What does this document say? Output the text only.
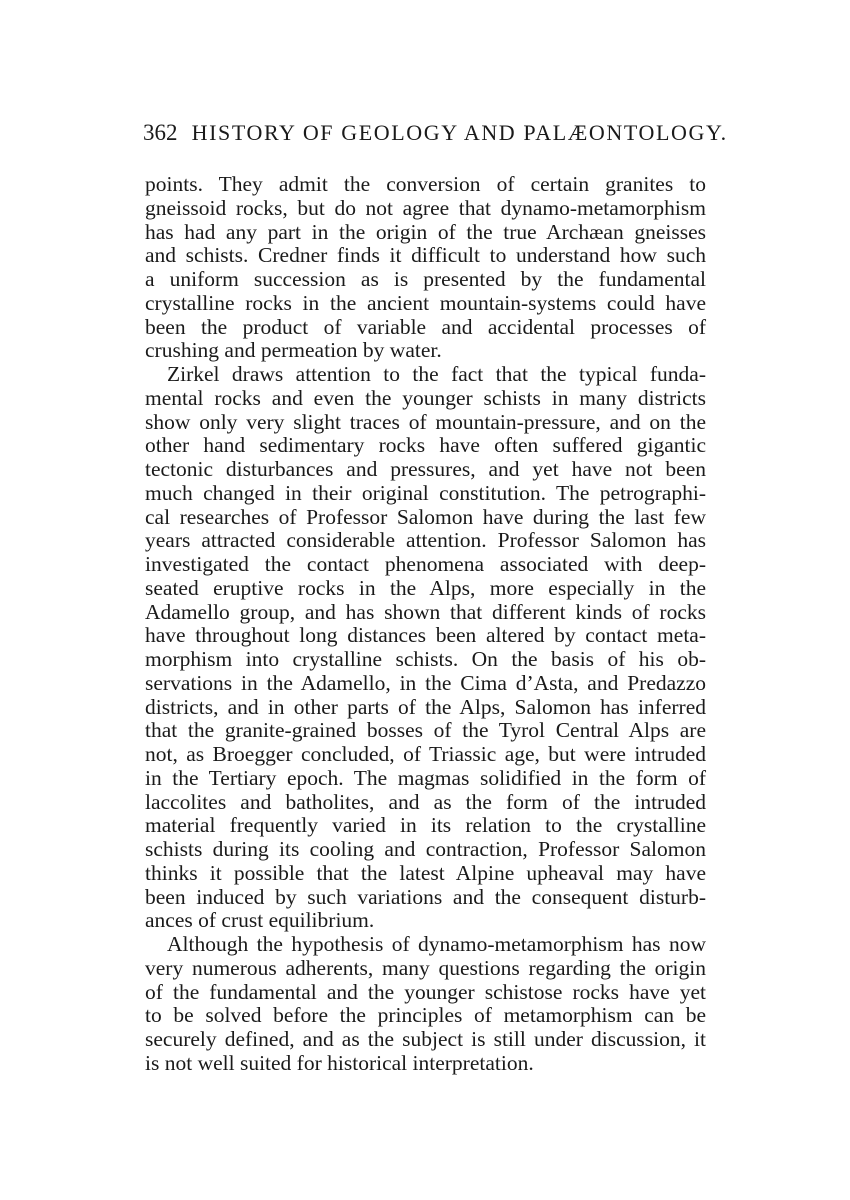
362 HISTORY OF GEOLOGY AND PALÆONTOLOGY.
points. They admit the conversion of certain granites to
gneissoid rocks, but do not agree that dynamo-metamorphism
has had any part in the origin of the true Archæan gneisses
and schists. Credner finds it difficult to understand how such
a uniform succession as is presented by the fundamental
crystalline rocks in the ancient mountain-systems could have
been the product of variable and accidental processes of
crushing and permeation by water.
Zirkel draws attention to the fact that the typical funda-
mental rocks and even the younger schists in many districts
show only very slight traces of mountain-pressure, and on the
other hand sedimentary rocks have often suffered gigantic
tectonic disturbances and pressures, and yet have not been
much changed in their original constitution. The petrographi-
cal researches of Professor Salomon have during the last few
years attracted considerable attention. Professor Salomon has
investigated the contact phenomena associated with deep-
seated eruptive rocks in the Alps, more especially in the
Adamello group, and has shown that different kinds of rocks
have throughout long distances been altered by contact meta-
morphism into crystalline schists. On the basis of his ob-
servations in the Adamello, in the Cima d’Asta, and Predazzo
districts, and in other parts of the Alps, Salomon has inferred
that the granite-grained bosses of the Tyrol Central Alps are
not, as Broegger concluded, of Triassic age, but were intruded
in the Tertiary epoch. The magmas solidified in the form of
laccolites and batholites, and as the form of the intruded
material frequently varied in its relation to the crystalline
schists during its cooling and contraction, Professor Salomon
thinks it possible that the latest Alpine upheaval may have
been induced by such variations and the consequent disturb-
ances of crust equilibrium.
Although the hypothesis of dynamo-metamorphism has now
very numerous adherents, many questions regarding the origin
of the fundamental and the younger schistose rocks have yet
to be solved before the principles of metamorphism can be
securely defined, and as the subject is still under discussion, it
is not well suited for historical interpretation.
